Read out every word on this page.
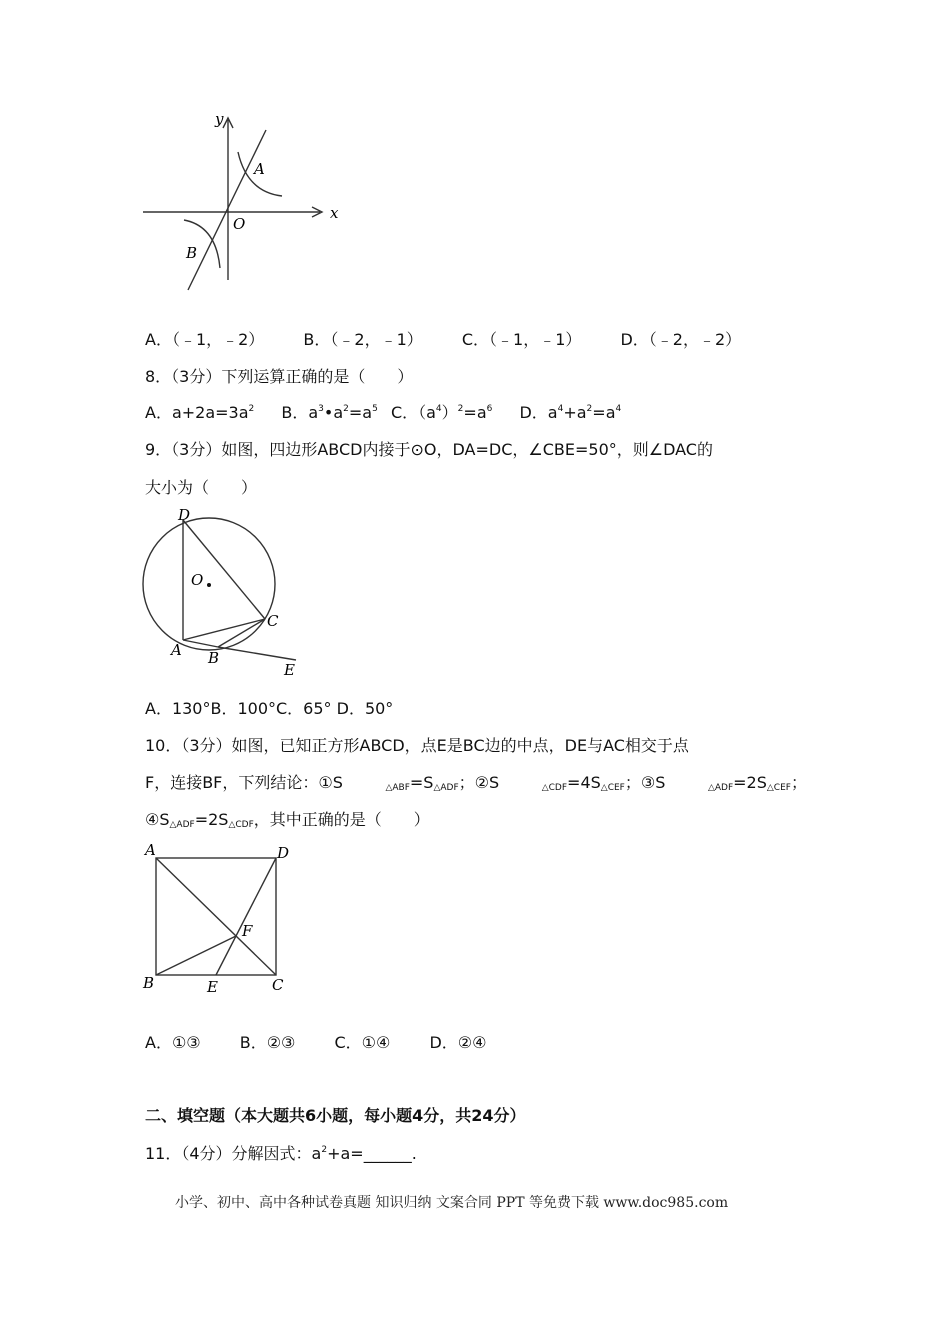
y
x
O
A
B
A．（﹣1，﹣2） B．（﹣2，﹣1） C．（﹣1，﹣1） D．（﹣2，﹣2）
8．（3分）下列运算正确的是（　　）
A．$a+2a=3a^2$ B．$a^3•a^2=a^5$ C．$(a^4)^2=a^6$ D．$a^4+a^2=a^4$
9．（3分）如图，四边形ABCD内接于⊙O，DA=DC，∠CBE=50°，则∠DAC的
大小为（　　）
D
O
C
A B
E
A．130°B．100°C．65° D．50°
10．（3分）如图，已知正方形ABCD，点E是BC边的中点，DE与AC相交于点
F，连接BF，下列结论：①S	$_{\triangle ABF}=S_{\triangle ADF}$；②S	$_{\triangle CDF}=4S_{\triangle CEF}$；③S	$_{\triangle ADF}=2S_{\triangle CEF}$；
$④S_{\triangle ADF}=2S_{\triangle CDF}$，其中正确的是（　　）
A	D
F
B	E	C
A．①③ B．②③ C．①④ D．②④
二、填空题（本大题共6小题，每小题4分，共24分）
11．（4分）分解因式：$a^2+a=\_\_\_\_\_\_$.
小学、初中、高中各种试卷真题 知识归纳 文案合同 PPT 等免费下载 www.doc985.com
